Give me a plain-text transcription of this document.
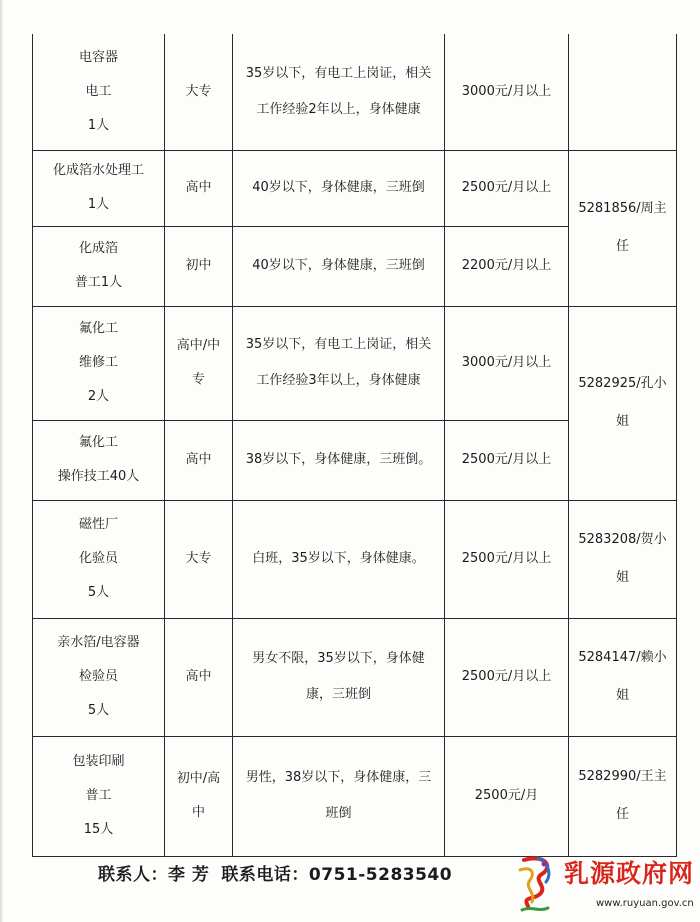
电容器
电工
1人	大专	35岁以下，有电工上岗证，相关工作经验2年以上，身体健康	3000元/月以上	
化成箔水处理工
1人	高中	40岁以下，身体健康，三班倒	2500元/月以上	5281856/周主任
化成箔
普工1人	初中	40岁以下，身体健康，三班倒	2200元/月以上	
氟化工
维修工
2人	高中/中专	35岁以下，有电工上岗证，相关工作经验3年以上，身体健康	3000元/月以上	5282925/孔小姐
氟化工
操作技工40人	高中	38岁以下，身体健康，三班倒。	2500元/月以上	
磁性厂
化验员
5人	大专	白班，35岁以下，身体健康。	2500元/月以上	5283208/贺小姐
亲水箔/电容器
检验员
5人	高中	男女不限，35岁以下，身体健康，三班倒	2500元/月以上	5284147/赖小姐
包装印刷
普工
15人	初中/高中	男性，38岁以下，身体健康，三班倒	2500元/月	5282990/王主任
联系人：李 芳 联系电话：0751-5283540	乳源政府网
www.ruyuan.gov.cn
